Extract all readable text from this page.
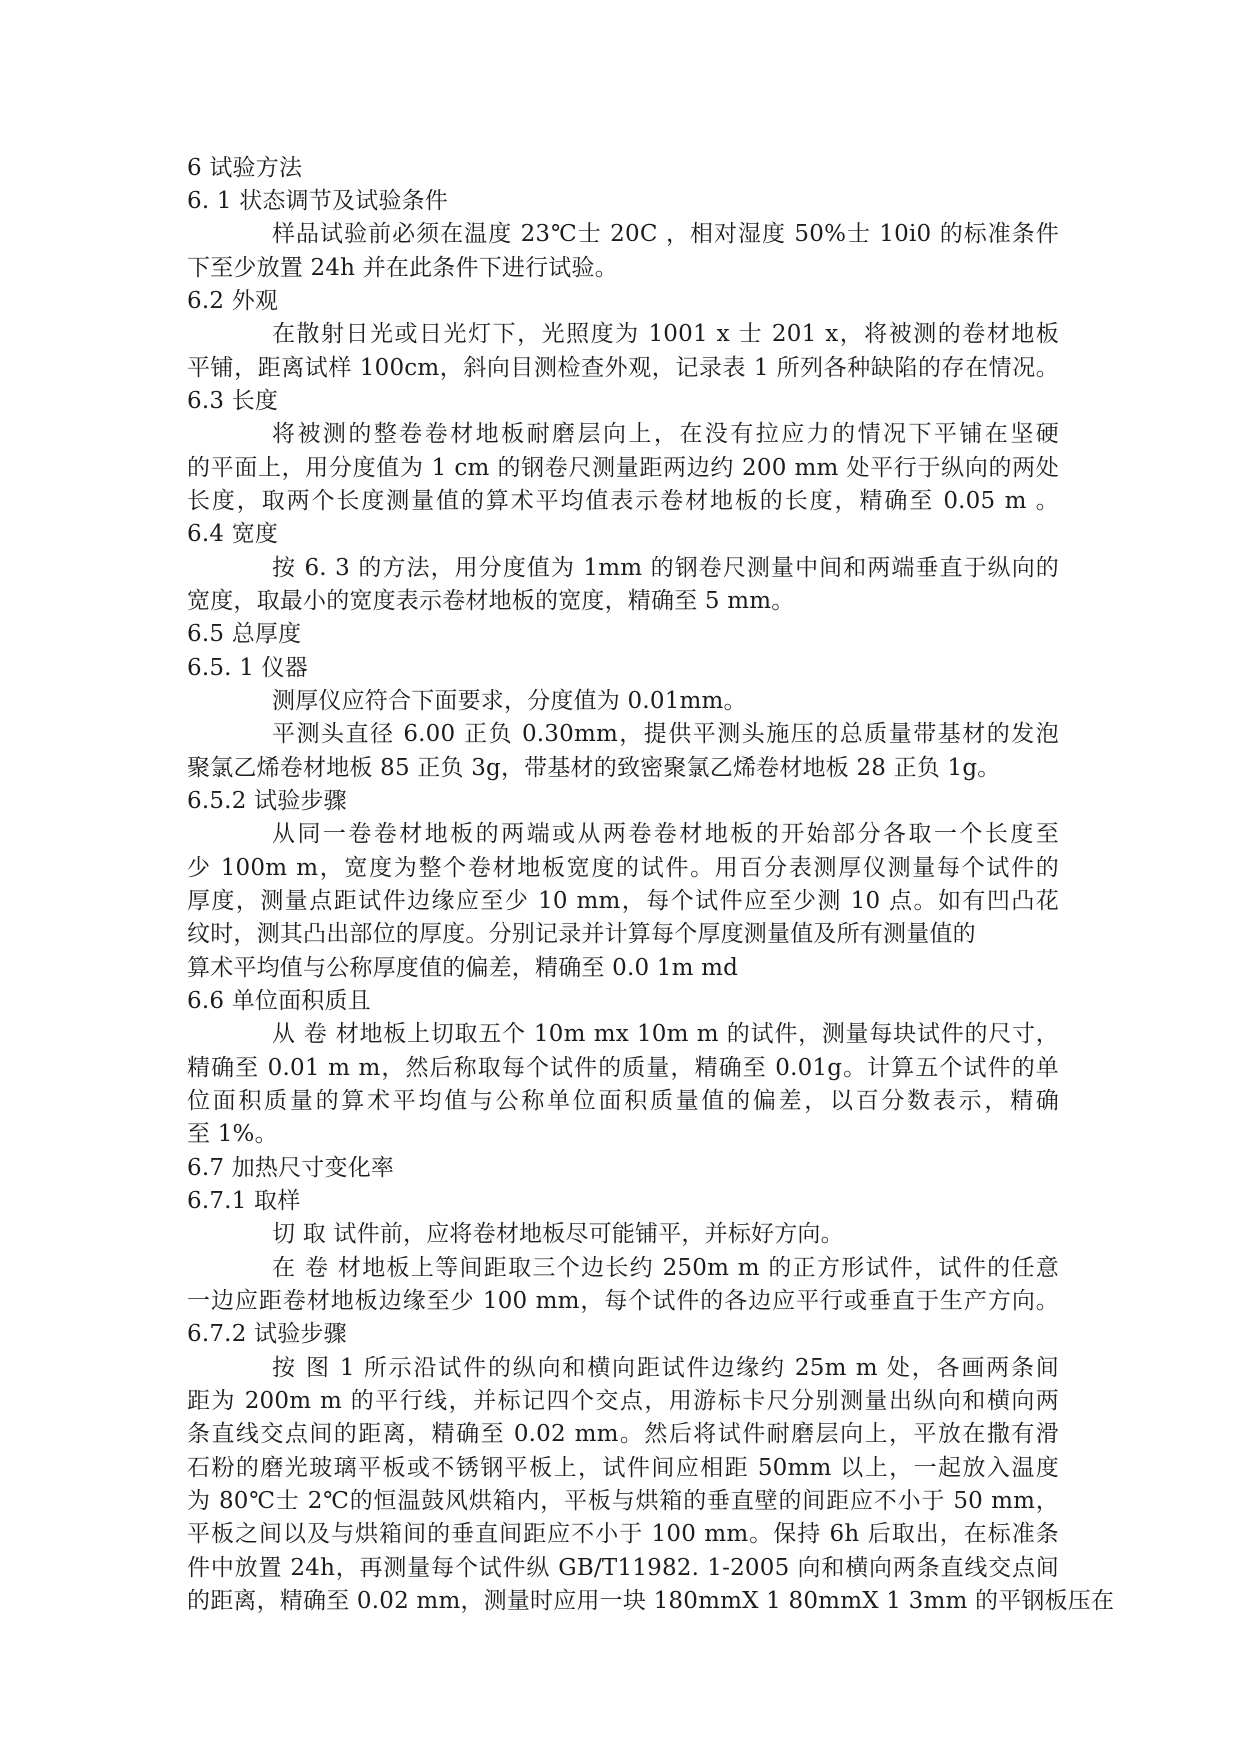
6 试验方法
6. 1 状态调节及试验条件
样品试验前必须在温度 23℃士 20C ，相对湿度 50%士 10i0 的标准条件
下至少放置 24h 并在此条件下进行试验。
6.2 外观
在散射日光或日光灯下，光照度为 1001 x 士 201 x，将被测的卷材地板
平铺，距离试样 100cm，斜向目测检查外观，记录表 1 所列各种缺陷的存在情况。
6.3 长度
将被测的整卷卷材地板耐磨层向上，在没有拉应力的情况下平铺在坚硬
的平面上，用分度值为 1 cm 的钢卷尺测量距两边约 200 mm 处平行于纵向的两处
长度，取两个长度测量值的算术平均值表示卷材地板的长度，精确至 0.05 m 。
6.4 宽度
按 6. 3 的方法，用分度值为 1mm 的钢卷尺测量中间和两端垂直于纵向的
宽度，取最小的宽度表示卷材地板的宽度，精确至 5 mm。
6.5 总厚度
6.5. 1 仪器
测厚仪应符合下面要求，分度值为 0.01mm。
平测头直径 6.00 正负 0.30mm，提供平测头施压的总质量带基材的发泡
聚氯乙烯卷材地板 85 正负 3g，带基材的致密聚氯乙烯卷材地板 28 正负 1g。
6.5.2 试验步骤
从同一卷卷材地板的两端或从两卷卷材地板的开始部分各取一个长度至
少 100m m，宽度为整个卷材地板宽度的试件。用百分表测厚仪测量每个试件的
厚度，测量点距试件边缘应至少 10 mm，每个试件应至少测 10 点。如有凹凸花
纹时，测其凸出部位的厚度。分别记录并计算每个厚度测量值及所有测量值的
算术平均值与公称厚度值的偏差，精确至 0.0 1m md
6.6 单位面积质且
从 卷 材地板上切取五个 10m mx 10m m 的试件，测量每块试件的尺寸，
精确至 0.01 m m，然后称取每个试件的质量，精确至 0.01g。计算五个试件的单
位面积质量的算术平均值与公称单位面积质量值的偏差，以百分数表示，精确
至 1%。
6.7 加热尺寸变化率
6.7.1 取样
切 取 试件前，应将卷材地板尽可能铺平，并标好方向。
在 卷 材地板上等间距取三个边长约 250m m 的正方形试件，试件的任意
一边应距卷材地板边缘至少 100 mm，每个试件的各边应平行或垂直于生产方向。
6.7.2 试验步骤
按 图 1 所示沿试件的纵向和横向距试件边缘约 25m m 处，各画两条间
距为 200m m 的平行线，并标记四个交点，用游标卡尺分别测量出纵向和横向两
条直线交点间的距离，精确至 0.02 mm。然后将试件耐磨层向上，平放在撒有滑
石粉的磨光玻璃平板或不锈钢平板上，试件间应相距 50mm 以上，一起放入温度
为 80℃士 2℃的恒温鼓风烘箱内，平板与烘箱的垂直壁的间距应不小于 50 mm，
平板之间以及与烘箱间的垂直间距应不小于 100 mm。保持 6h 后取出，在标准条
件中放置 24h，再测量每个试件纵 GB/T11982. 1-2005 向和横向两条直线交点间
的距离，精确至 0.02 mm，测量时应用一块 180mmX 1 80mmX 1 3mm 的平钢板压在
